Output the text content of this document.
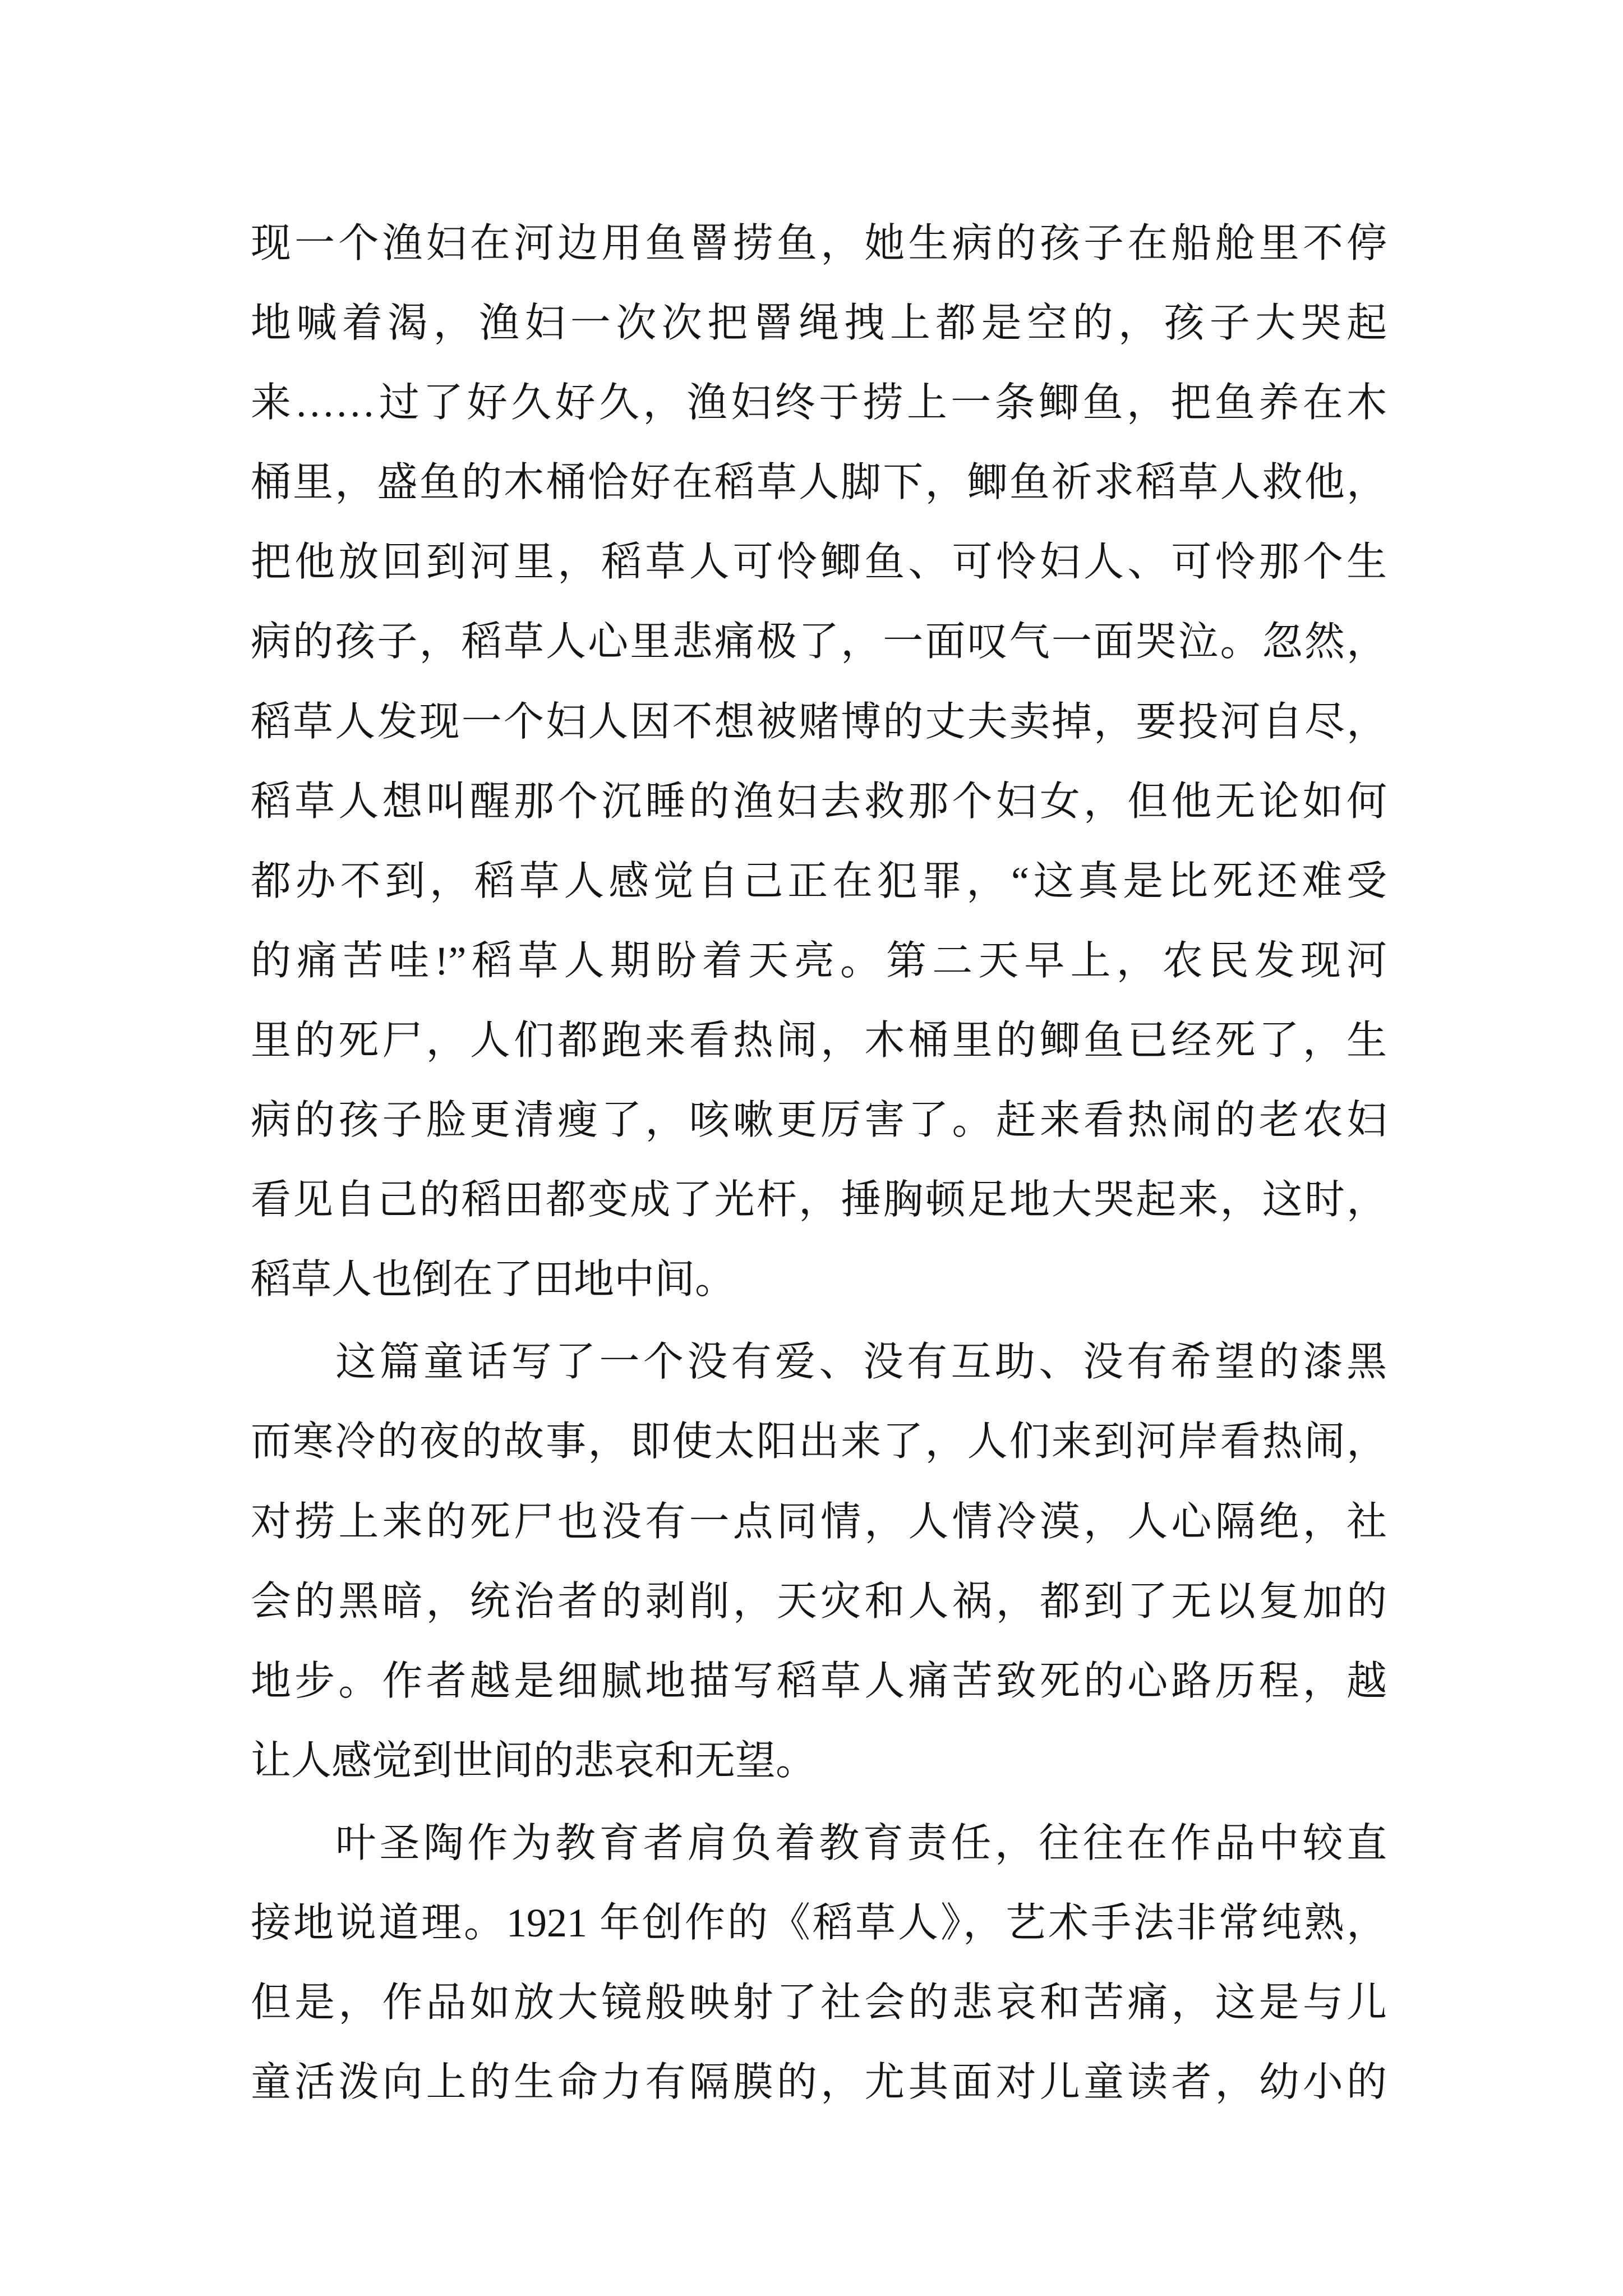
现一个渔妇在河边用鱼罾捞鱼，她生病的孩子在船舱里不停
地喊着渴，渔妇一次次把罾绳拽上都是空的，孩子大哭起
来……过了好久好久，渔妇终于捞上一条鲫鱼，把鱼养在木
桶里，盛鱼的木桶恰好在稻草人脚下，鲫鱼祈求稻草人救他，
把他放回到河里，稻草人可怜鲫鱼、可怜妇人、可怜那个生
病的孩子，稻草人心里悲痛极了，一面叹气一面哭泣。忽然，
稻草人发现一个妇人因不想被赌博的丈夫卖掉，要投河自尽，
稻草人想叫醒那个沉睡的渔妇去救那个妇女，但他无论如何
都办不到，稻草人感觉自己正在犯罪，“这真是比死还难受
的痛苦哇!”稻草人期盼着天亮。第二天早上，农民发现河
里的死尸，人们都跑来看热闹，木桶里的鲫鱼已经死了，生
病的孩子脸更清瘦了，咳嗽更厉害了。赶来看热闹的老农妇
看见自己的稻田都变成了光杆，捶胸顿足地大哭起来，这时，
稻草人也倒在了田地中间。
这篇童话写了一个没有爱、没有互助、没有希望的漆黑
而寒冷的夜的故事，即使太阳出来了，人们来到河岸看热闹，
对捞上来的死尸也没有一点同情，人情冷漠，人心隔绝，社
会的黑暗，统治者的剥削，天灾和人祸，都到了无以复加的
地步。作者越是细腻地描写稻草人痛苦致死的心路历程，越
让人感觉到世间的悲哀和无望。
叶圣陶作为教育者肩负着教育责任，往往在作品中较直
接地说道理。1921 年创作的《稻草人》，艺术手法非常纯熟，
但是，作品如放大镜般映射了社会的悲哀和苦痛，这是与儿
童活泼向上的生命力有隔膜的，尤其面对儿童读者，幼小的
